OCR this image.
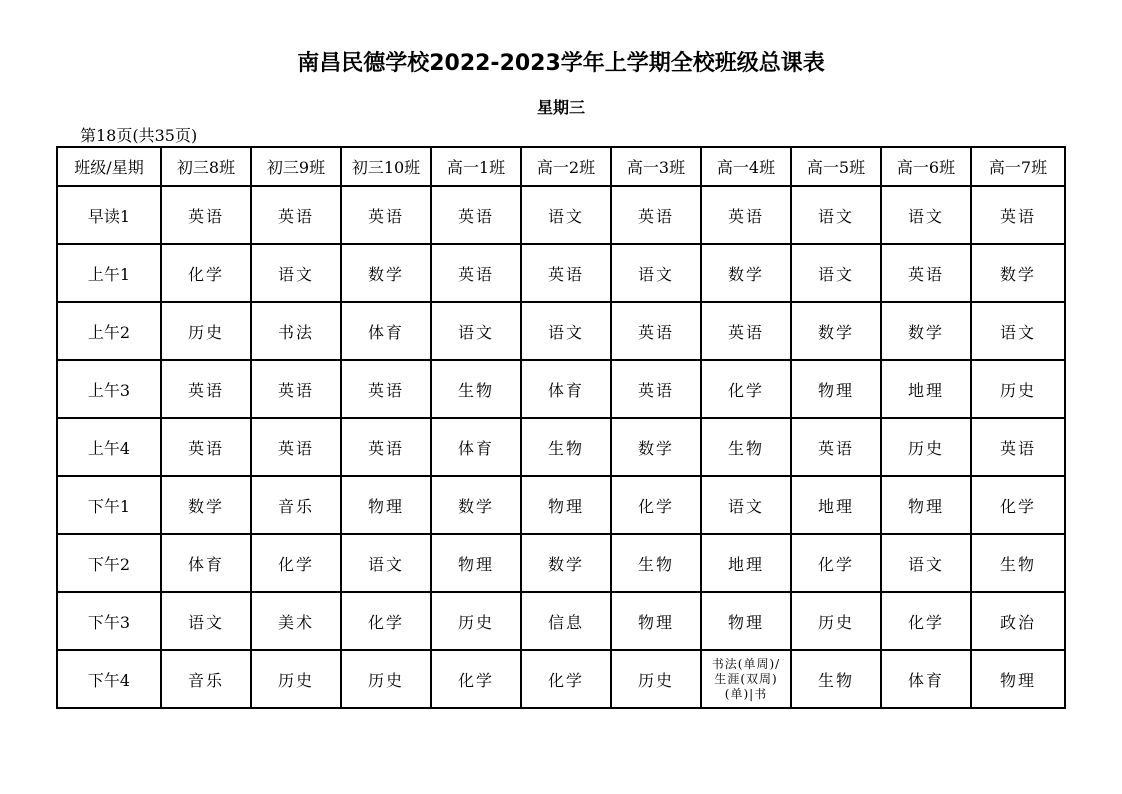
南昌民德学校2022-2023学年上学期全校班级总课表
星期三
第18页(共35页)
班级/星期	初三8班	初三9班	初三10班	高一1班	高一2班	高一3班	高一4班	高一5班	高一6班	高一7班
早读1	英语	英语	英语	英语	语文	英语	英语	语文	语文	英语
上午1	化学	语文	数学	英语	英语	语文	数学	语文	英语	数学
上午2	历史	书法	体育	语文	语文	英语	英语	数学	数学	语文
上午3	英语	英语	英语	生物	体育	英语	化学	物理	地理	历史
上午4	英语	英语	英语	体育	生物	数学	生物	英语	历史	英语
下午1	数学	音乐	物理	数学	物理	化学	语文	地理	物理	化学
下午2	体育	化学	语文	物理	数学	生物	地理	化学	语文	生物
下午3	语文	美术	化学	历史	信息	物理	物理	历史	化学	政治
下午4	音乐	历史	历史	化学	化学	历史	书法(单周)/生涯(双周)(单)|书	生物	体育	物理
